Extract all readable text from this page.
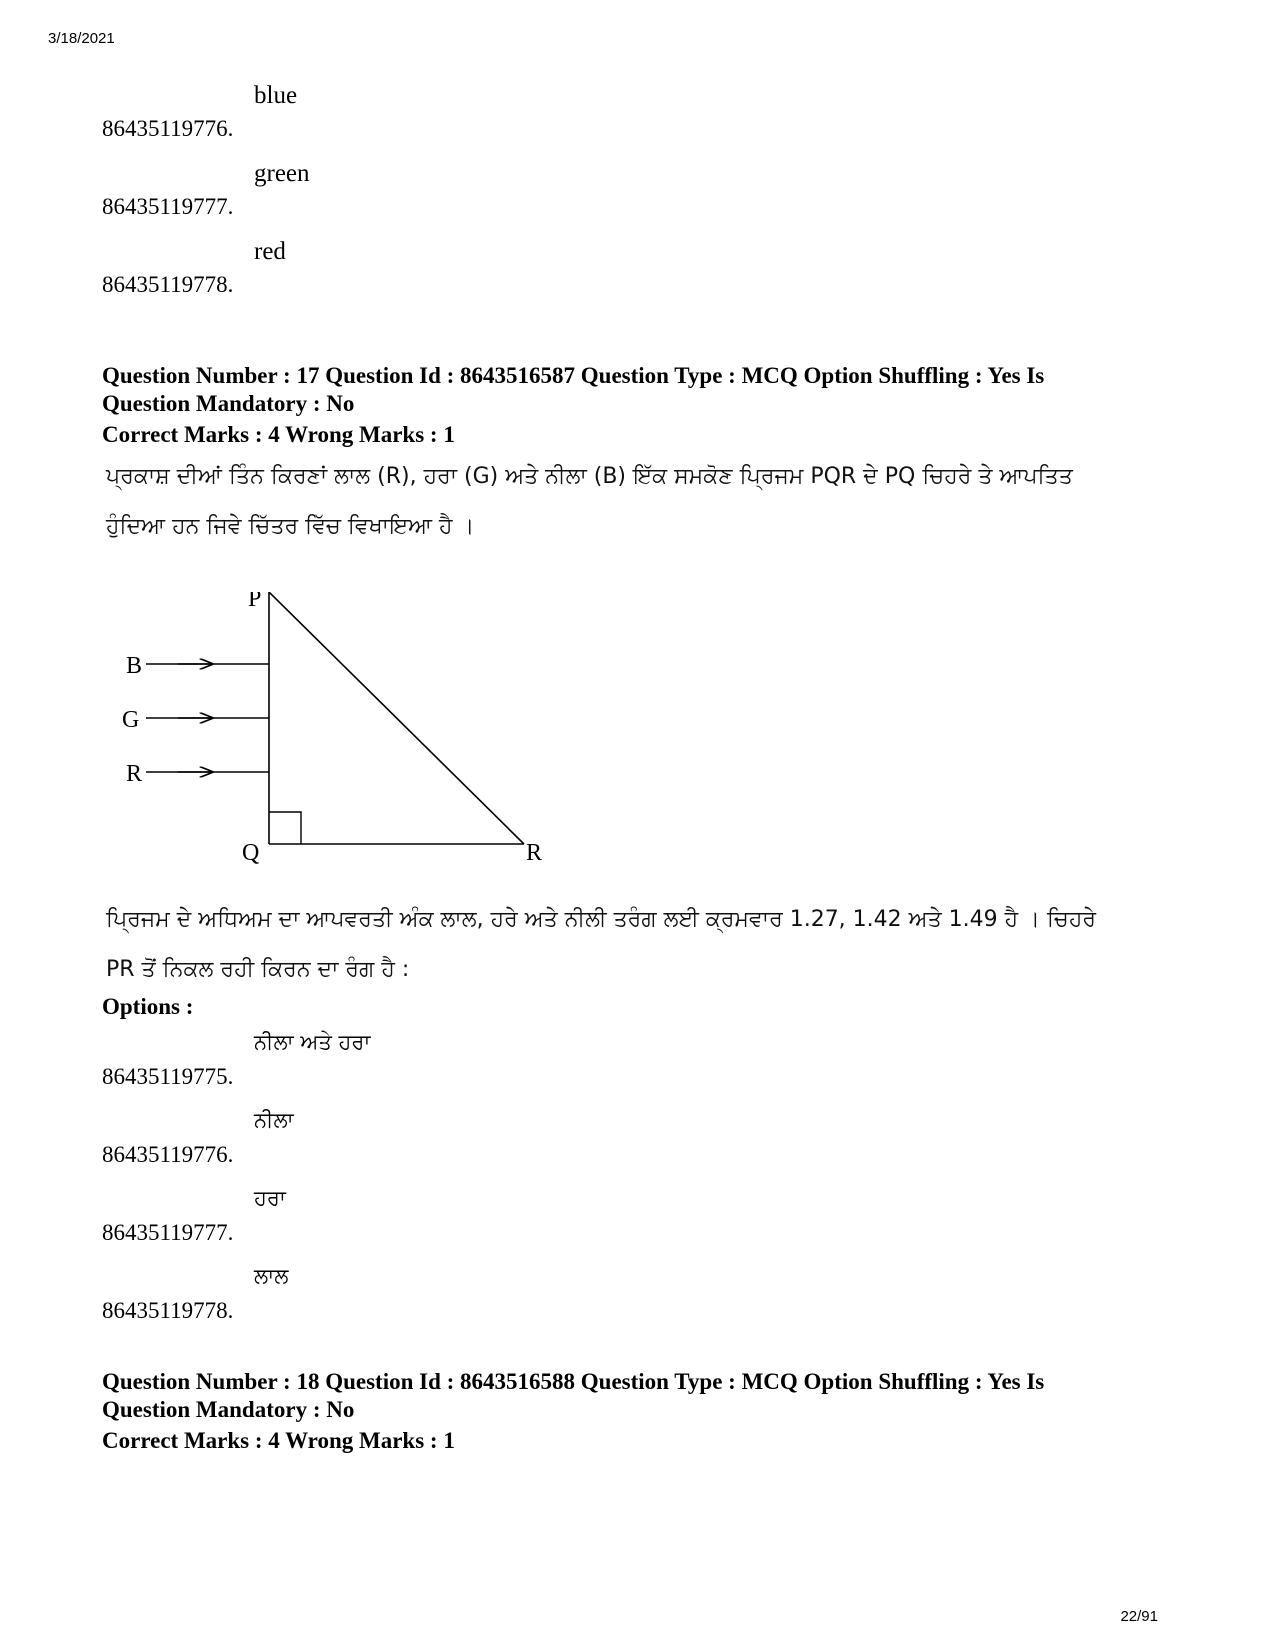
3/18/2021
86435119776.
blue
86435119777.
green
86435119778.
red
Question Number : 17 Question Id : 8643516587 Question Type : MCQ Option Shuffling : Yes Is
Question Mandatory : No
Correct Marks : 4 Wrong Marks : 1
ਪ੍ਰਕਾਸ਼ ਦੀਆਂ ਤਿੰਨ ਕਿਰਣਾਂ ਲਾਲ (R), ਹਰਾ (G) ਅਤੇ ਨੀਲਾ (B) ਇੱਕ ਸਮਕੋਣ ਪ੍ਰਿਜਮ PQR ਦੇ PQ ਚਿਹਰੇ ਤੇ ਆਪਤਿਤ
ਹੁੰਦਿਆ ਹਨ ਜਿਵੇ ਚਿੱਤਰ ਵਿੱਚ ਵਿਖਾਇਆ ਹੈ ।
P
Q	R
B
G
R
ਪ੍ਰਿਜਮ ਦੇ ਅਧਿਅਮ ਦਾ ਆਪਵਰਤੀ ਅੰਕ ਲਾਲ, ਹਰੇ ਅਤੇ ਨੀਲੀ ਤਰੰਗ ਲਈ ਕ੍ਰਮਵਾਰ 1.27, 1.42 ਅਤੇ 1.49 ਹੈ । ਚਿਹਰੇ
PR ਤੋਂ ਨਿਕਲ ਰਹੀ ਕਿਰਨ ਦਾ ਰੰਗ ਹੈ :
Options :
86435119775.
ਨੀਲਾ ਅਤੇ ਹਰਾ
86435119776.
ਨੀਲਾ
86435119777.
ਹਰਾ
86435119778.
ਲਾਲ
Question Number : 18 Question Id : 8643516588 Question Type : MCQ Option Shuffling : Yes Is
Question Mandatory : No
Correct Marks : 4 Wrong Marks : 1
22/91
